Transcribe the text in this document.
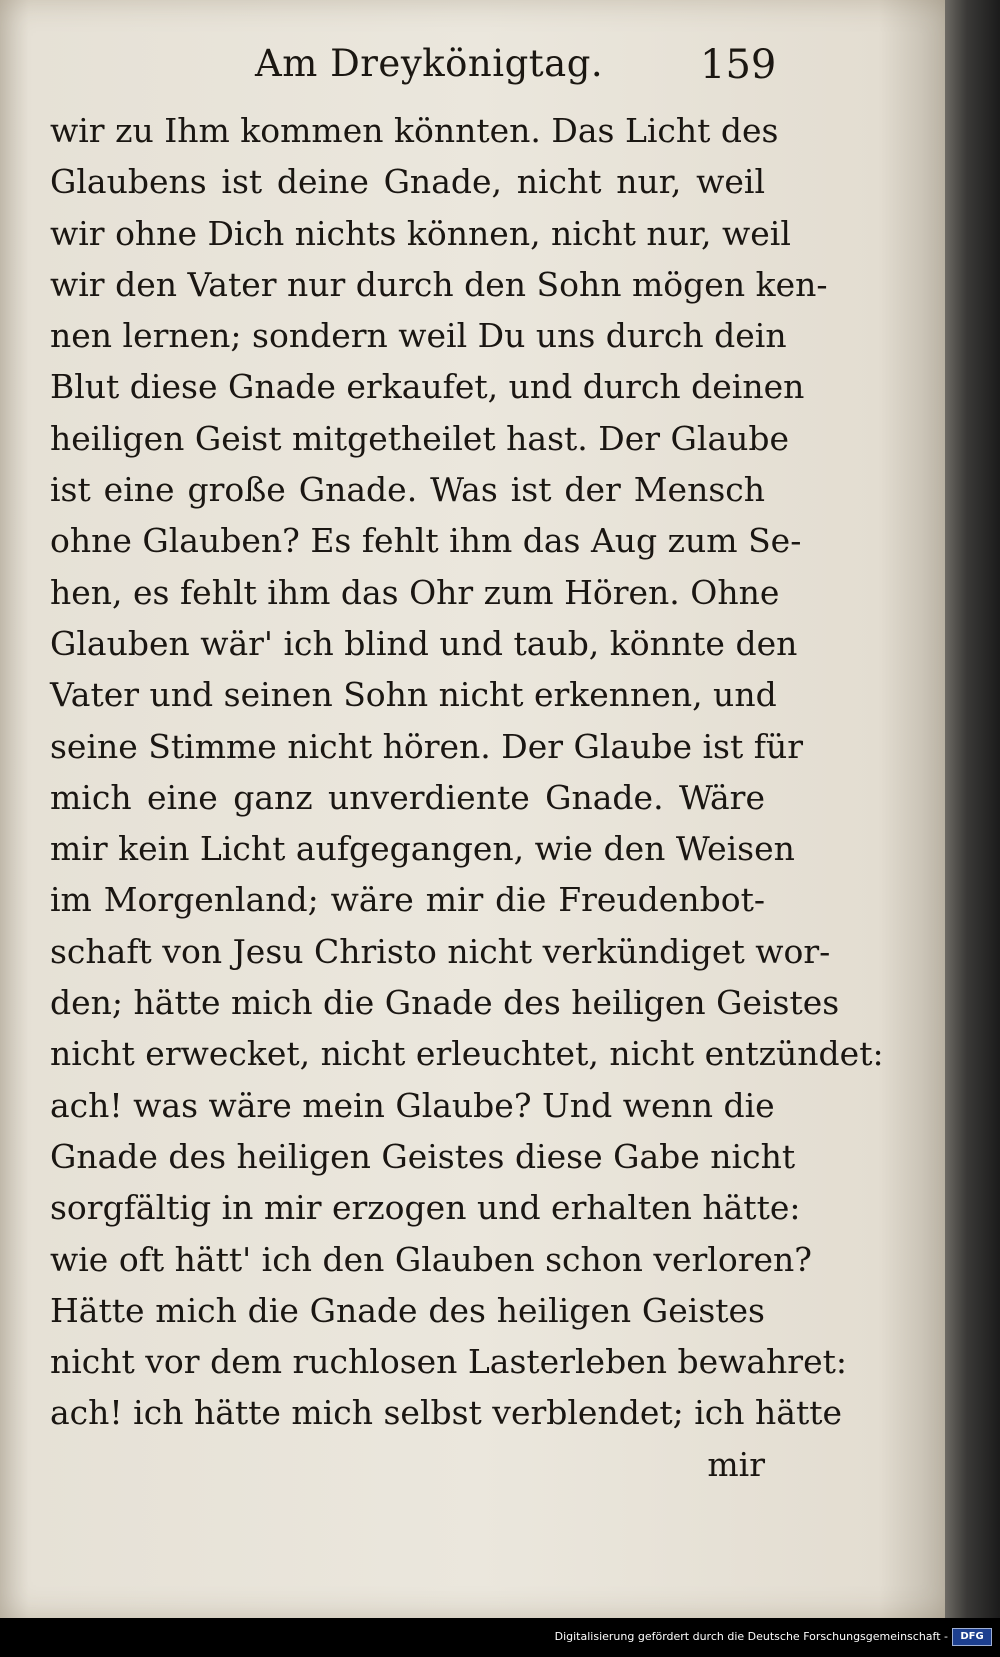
Am Dreykönigtag. 159
wir zu Ihm kommen könnten. Das Licht des
Glaubens ist deine Gnade, nicht nur, weil
wir ohne Dich nichts können, nicht nur, weil
wir den Vater nur durch den Sohn mögen ken-
nen lernen; sondern weil Du uns durch dein
Blut diese Gnade erkaufet, und durch deinen
heiligen Geist mitgetheilet hast. Der Glaube
ist eine große Gnade. Was ist der Mensch
ohne Glauben? Es fehlt ihm das Aug zum Se-
hen, es fehlt ihm das Ohr zum Hören. Ohne
Glauben wär' ich blind und taub, könnte den
Vater und seinen Sohn nicht erkennen, und
seine Stimme nicht hören. Der Glaube ist für
mich eine ganz unverdiente Gnade. Wäre
mir kein Licht aufgegangen, wie den Weisen
im Morgenland; wäre mir die Freudenbot-
schaft von Jesu Christo nicht verkündiget wor-
den; hätte mich die Gnade des heiligen Geistes
nicht erwecket, nicht erleuchtet, nicht entzündet:
ach! was wäre mein Glaube? Und wenn die
Gnade des heiligen Geistes diese Gabe nicht
sorgfältig in mir erzogen und erhalten hätte:
wie oft hätt' ich den Glauben schon verloren?
Hätte mich die Gnade des heiligen Geistes
nicht vor dem ruchlosen Lasterleben bewahret:
ach! ich hätte mich selbst verblendet; ich hätte
mir
Digitalisierung gefördert durch die Deutsche Forschungsgemeinschaft -	DFG
